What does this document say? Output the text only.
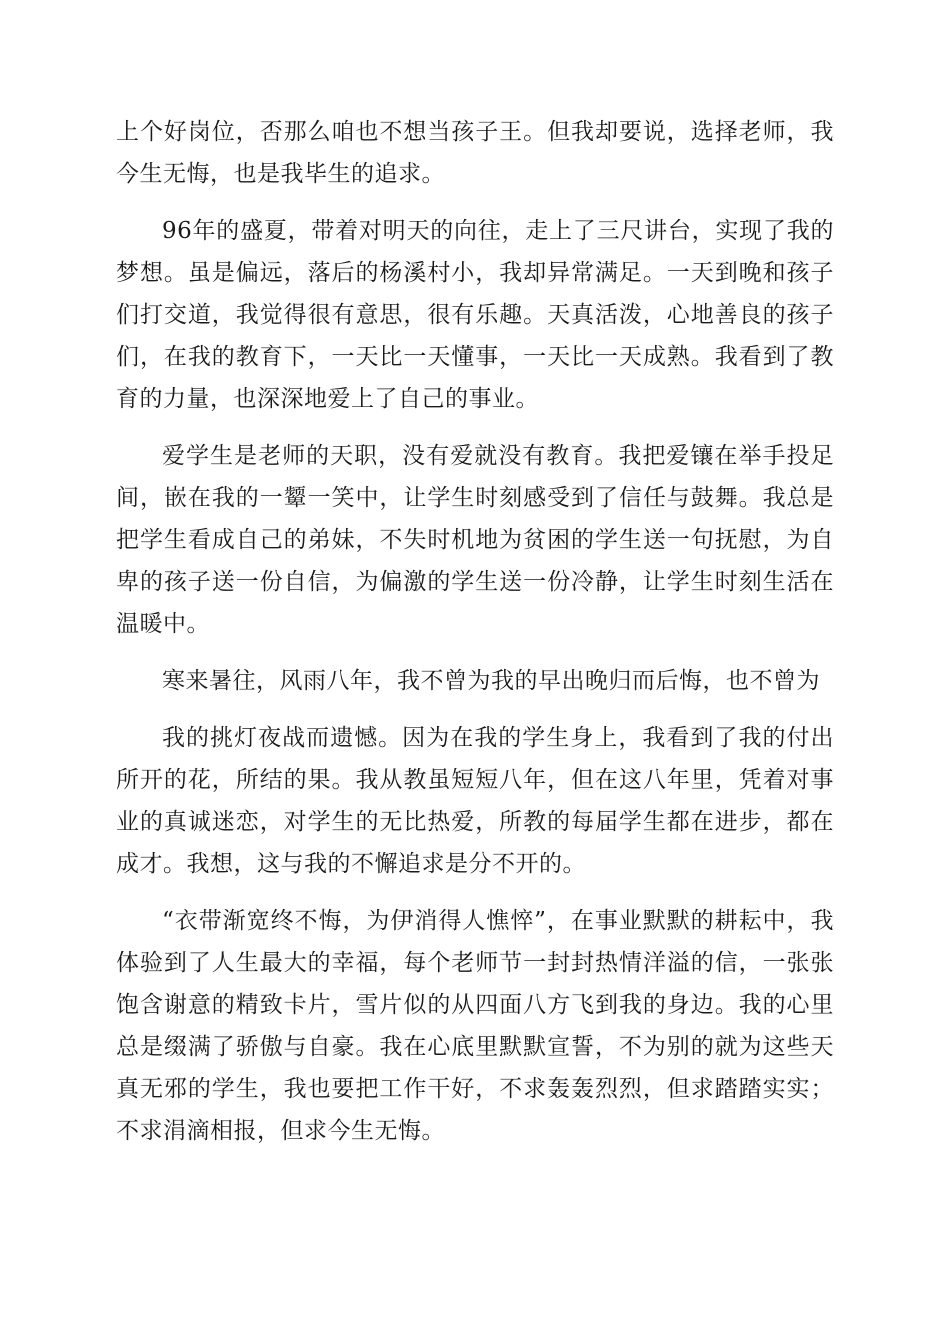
上个好岗位，否那么咱也不想当孩子王。但我却要说，选择老师，我今生无悔，也是我毕生的追求。

96年的盛夏，带着对明天的向往，走上了三尺讲台，实现了我的梦想。虽是偏远，落后的杨溪村小，我却异常满足。一天到晚和孩子们打交道，我觉得很有意思，很有乐趣。天真活泼，心地善良的孩子们，在我的教育下，一天比一天懂事，一天比一天成熟。我看到了教育的力量，也深深地爱上了自己的事业。

爱学生是老师的天职，没有爱就没有教育。我把爱镶在举手投足间，嵌在我的一颦一笑中，让学生时刻感受到了信任与鼓舞。我总是把学生看成自己的弟妹，不失时机地为贫困的学生送一句抚慰，为自卑的孩子送一份自信，为偏激的学生送一份冷静，让学生时刻生活在温暖中。

寒来暑往，风雨八年，我不曾为我的早出晚归而后悔，也不曾为

我的挑灯夜战而遗憾。因为在我的学生身上，我看到了我的付出所开的花，所结的果。我从教虽短短八年，但在这八年里，凭着对事业的真诚迷恋，对学生的无比热爱，所教的每届学生都在进步，都在成才。我想，这与我的不懈追求是分不开的。

“衣带渐宽终不悔，为伊消得人憔悴”，在事业默默的耕耘中，我体验到了人生最大的幸福，每个老师节一封封热情洋溢的信，一张张饱含谢意的精致卡片，雪片似的从四面八方飞到我的身边。我的心里总是缀满了骄傲与自豪。我在心底里默默宣誓，不为别的就为这些天真无邪的学生，我也要把工作干好，不求轰轰烈烈，但求踏踏实实；不求涓滴相报，但求今生无悔。
